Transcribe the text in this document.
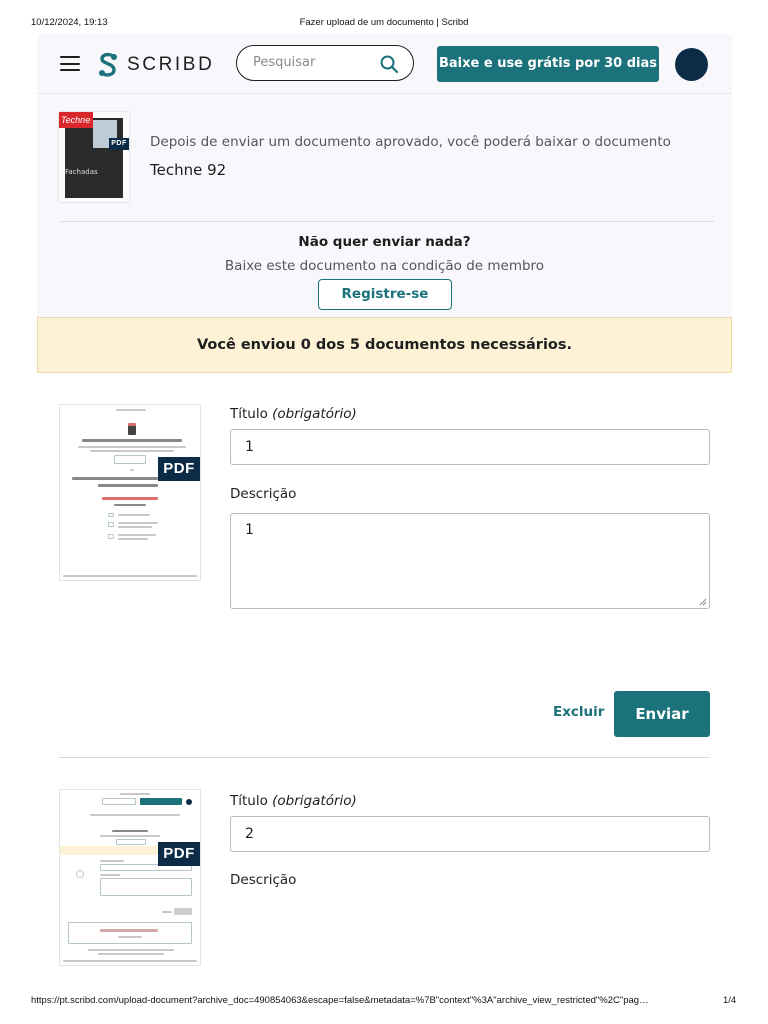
10/12/2024, 19:13	Fazer upload de um documento | Scribd
SCRIBD	Pesquisar	Baixe e use grátis por 30 dias
Techne
PDF
Fachadas
Depois de enviar um documento aprovado, você poderá baixar o documento
Techne 92
Não quer enviar nada?
Baixe este documento na condição de membro
Registre-se
Você enviou 0 dos 5 documentos necessários.
PDF
Título (obrigatório)
1
Descrição
1
Excluir	Enviar
PDF
Título (obrigatório)
2
Descrição
https://pt.scribd.com/upload-document?archive_doc=490854063&escape=false&metadata=%7B"context"%3A"archive_view_restricted"%2C"pag…	1/4
